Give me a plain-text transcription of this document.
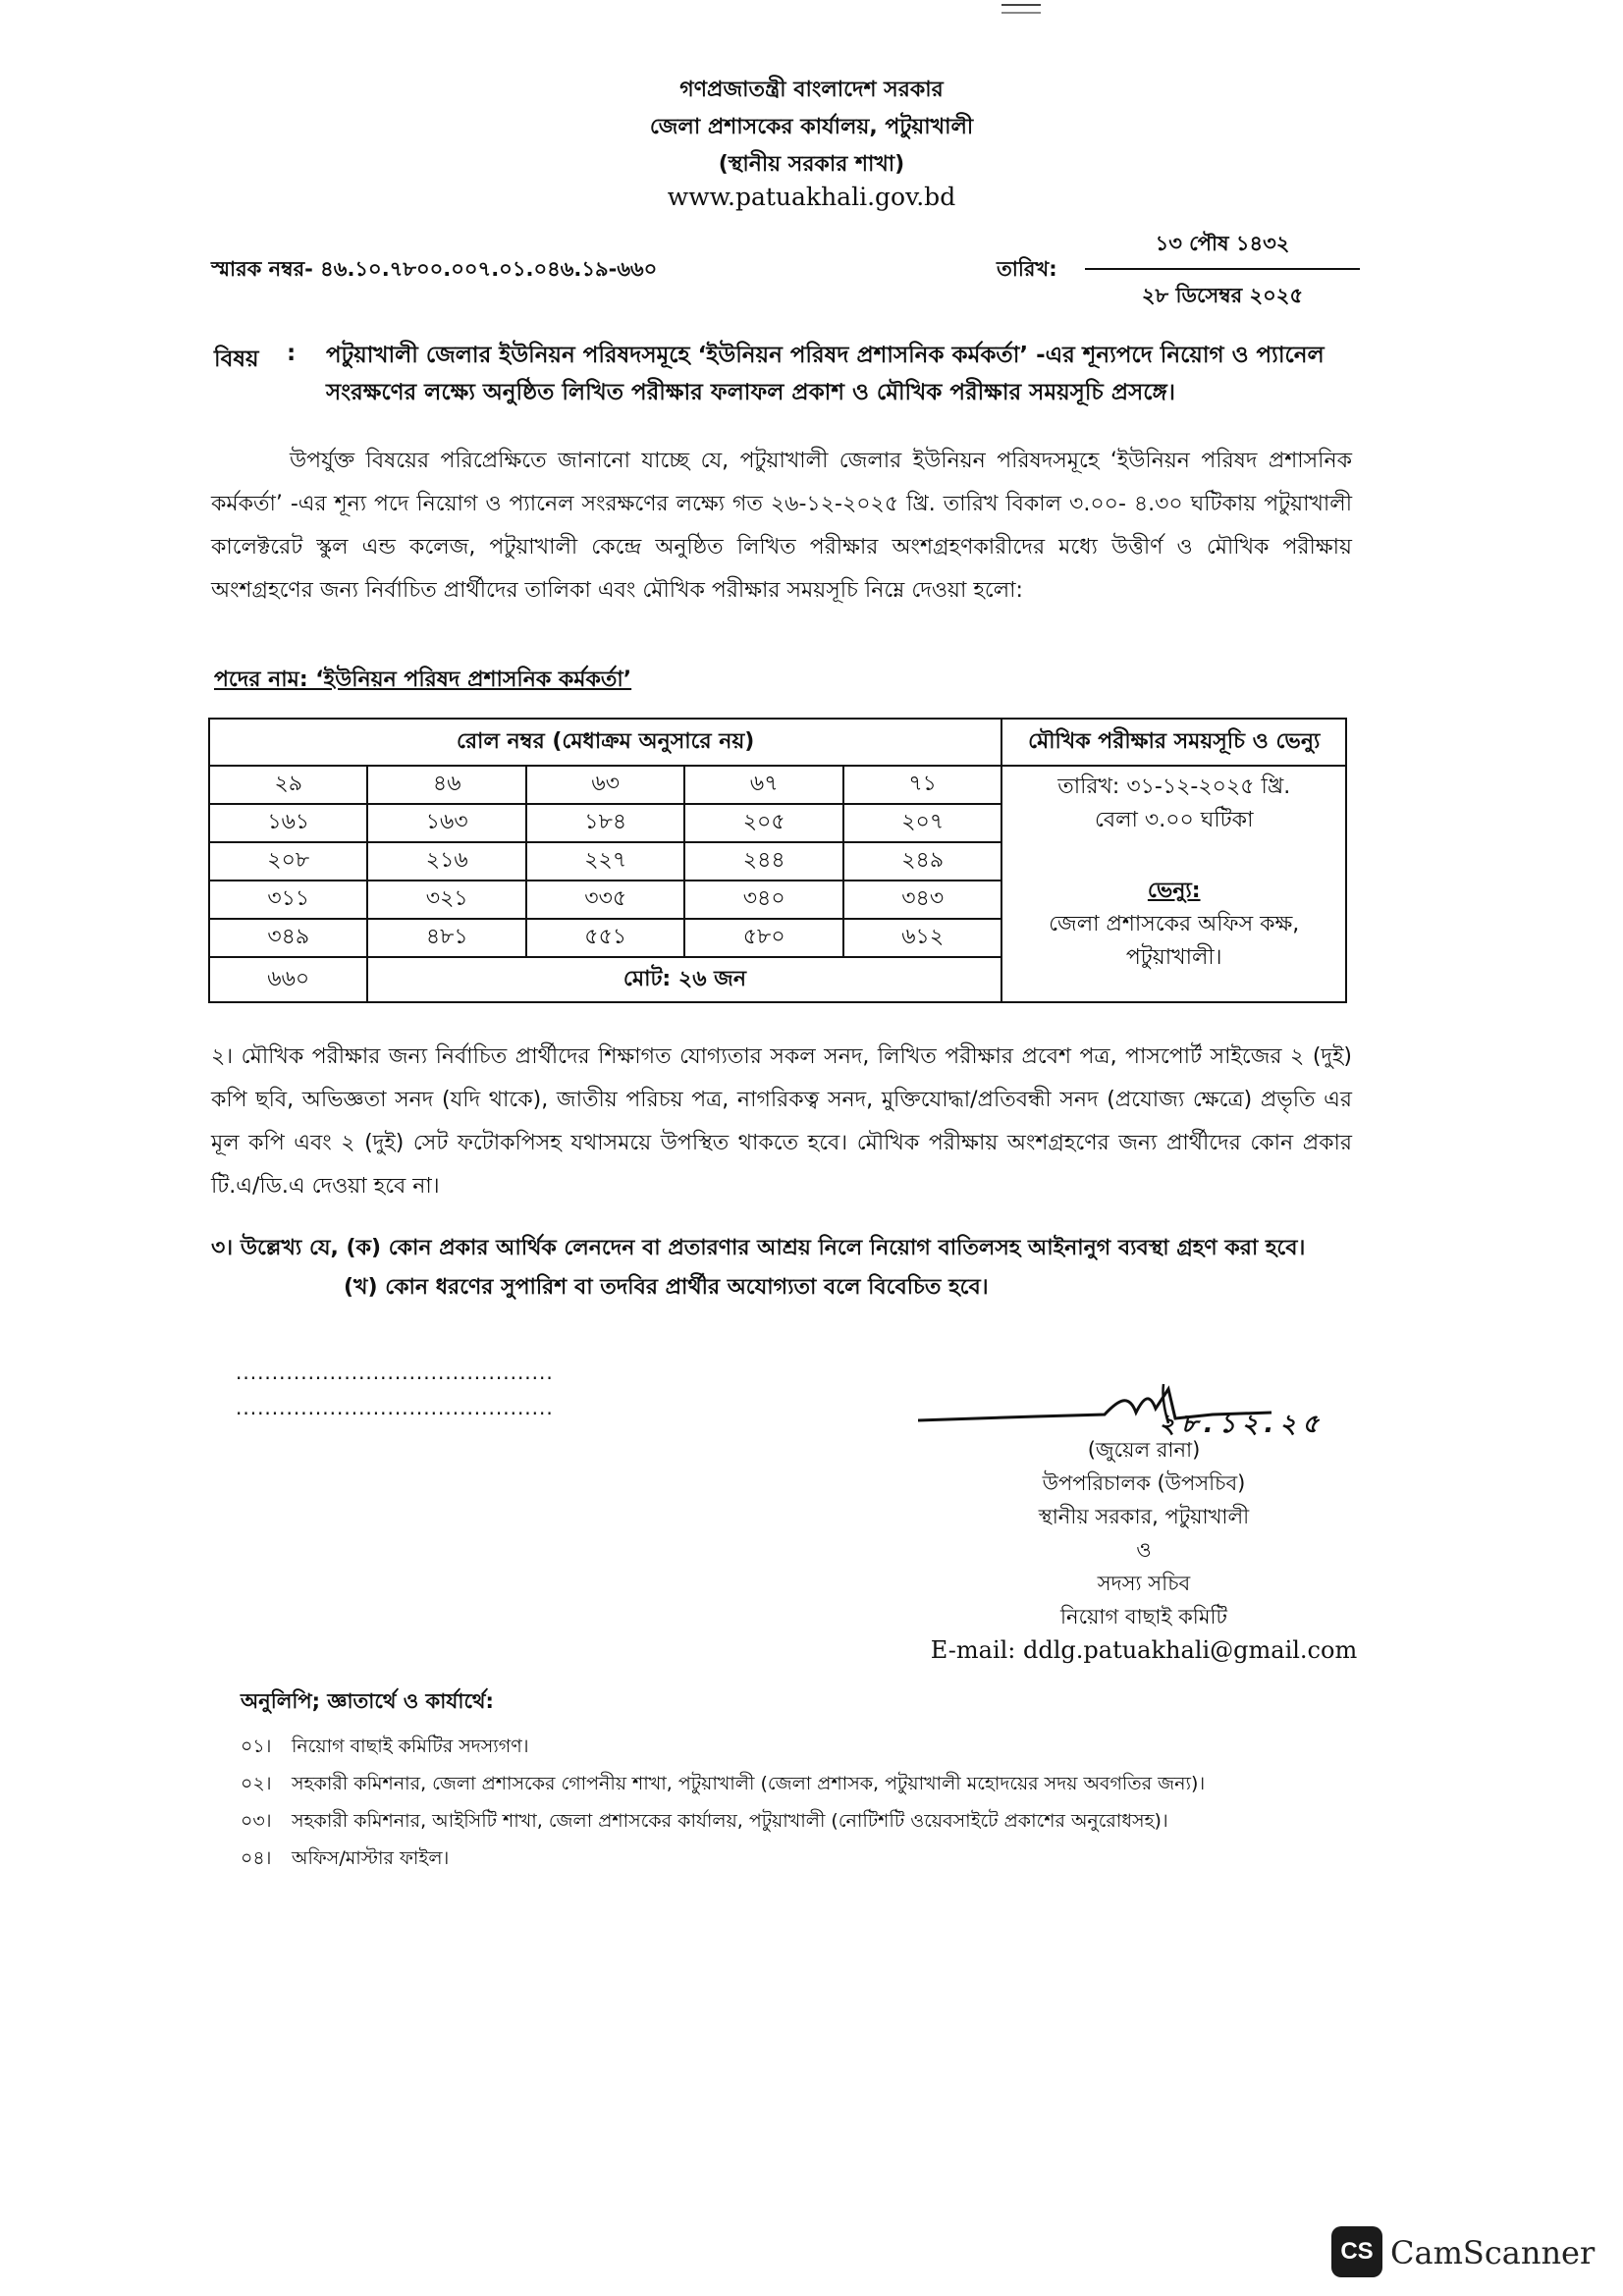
গণপ্রজাতন্ত্রী বাংলাদেশ সরকার
জেলা প্রশাসকের কার্যালয়, পটুয়াখালী
(স্থানীয় সরকার শাখা)
www.patuakhali.gov.bd
স্মারক নম্বর- ৪৬.১০.৭৮০০.০০৭.০১.০৪৬.১৯-৬৬০	তারিখ:
১৩ পৌষ ১৪৩২
২৮ ডিসেম্বর ২০২৫
বিষয় : পটুয়াখালী জেলার ইউনিয়ন পরিষদসমূহে ‘ইউনিয়ন পরিষদ প্রশাসনিক কর্মকর্তা’ -এর শূন্যপদে নিয়োগ ও প্যানেল সংরক্ষণের লক্ষ্যে অনুষ্ঠিত লিখিত পরীক্ষার ফলাফল প্রকাশ ও মৌখিক পরীক্ষার সময়সূচি প্রসঙ্গে।
উপর্যুক্ত বিষয়ের পরিপ্রেক্ষিতে জানানো যাচ্ছে যে, পটুয়াখালী জেলার ইউনিয়ন পরিষদসমূহে ‘ইউনিয়ন পরিষদ প্রশাসনিক কর্মকর্তা’ -এর শূন্য পদে নিয়োগ ও প্যানেল সংরক্ষণের লক্ষ্যে গত ২৬-১২-২০২৫ খ্রি. তারিখ বিকাল ৩.০০- ৪.৩০ ঘটিকায় পটুয়াখালী কালেক্টরেট স্কুল এন্ড কলেজ, পটুয়াখালী কেন্দ্রে অনুষ্ঠিত লিখিত পরীক্ষার অংশগ্রহণকারীদের মধ্যে উত্তীর্ণ ও মৌখিক পরীক্ষায় অংশগ্রহণের জন্য নির্বাচিত প্রার্থীদের তালিকা এবং মৌখিক পরীক্ষার সময়সূচি নিম্নে দেওয়া হলো:
পদের নাম: ‘ইউনিয়ন পরিষদ প্রশাসনিক কর্মকর্তা’
রোল নম্বর (মেধাক্রম অনুসারে নয়)					মৌখিক পরীক্ষার সময়সূচি ও ভেন্যু
২৯	৪৬	৬৩	৬৭	৭১	তারিখ: ৩১-১২-২০২৫ খ্রি.
বেলা ৩.০০ ঘটিকা
ভেন্যু:
জেলা প্রশাসকের অফিস কক্ষ,
পটুয়াখালী।

১৬১	১৬৩	১৮৪	২০৫	২০৭	
২০৮	২১৬	২২৭	২৪৪	২৪৯	
৩১১	৩২১	৩৩৫	৩৪০	৩৪৩	
৩৪৯	৪৮১	৫৫১	৫৮০	৬১২	
৬৬০	মোট: ২৬ জন				
২। মৌখিক পরীক্ষার জন্য নির্বাচিত প্রার্থীদের শিক্ষাগত যোগ্যতার সকল সনদ, লিখিত পরীক্ষার প্রবেশ পত্র, পাসপোর্ট সাইজের ২ (দুই) কপি ছবি, অভিজ্ঞতা সনদ (যদি থাকে), জাতীয় পরিচয় পত্র, নাগরিকত্ব সনদ, মুক্তিযোদ্ধা/প্রতিবন্ধী সনদ (প্রযোজ্য ক্ষেত্রে) প্রভৃতি এর মূল কপি এবং ২ (দুই) সেট ফটোকপিসহ যথাসময়ে উপস্থিত থাকতে হবে। মৌখিক পরীক্ষায় অংশগ্রহণের জন্য প্রার্থীদের কোন প্রকার টি.এ/ডি.এ দেওয়া হবে না।
৩। উল্লেখ্য যে, (ক) কোন প্রকার আর্থিক লেনদেন বা প্রতারণার আশ্রয় নিলে নিয়োগ বাতিলসহ আইনানুগ ব্যবস্থা গ্রহণ করা হবে।
(খ) কোন ধরণের সুপারিশ বা তদবির প্রার্থীর অযোগ্যতা বলে বিবেচিত হবে।
............................................
............................................
২৮.১২.২৫
(জুয়েল রানা)
উপপরিচালক (উপসচিব)
স্থানীয় সরকার, পটুয়াখালী
ও
সদস্য সচিব
নিয়োগ বাছাই কমিটি
E-mail: ddlg.patuakhali@gmail.com
অনুলিপি; জ্ঞাতার্থে ও কার্যার্থে:
০১। নিয়োগ বাছাই কমিটির সদস্যগণ।
০২। সহকারী কমিশনার, জেলা প্রশাসকের গোপনীয় শাখা, পটুয়াখালী (জেলা প্রশাসক, পটুয়াখালী মহোদয়ের সদয় অবগতির জন্য)।
০৩। সহকারী কমিশনার, আইসিটি শাখা, জেলা প্রশাসকের কার্যালয়, পটুয়াখালী (নোটিশটি ওয়েবসাইটে প্রকাশের অনুরোধসহ)।
০৪। অফিস/মাস্টার ফাইল।
CS CamScanner
